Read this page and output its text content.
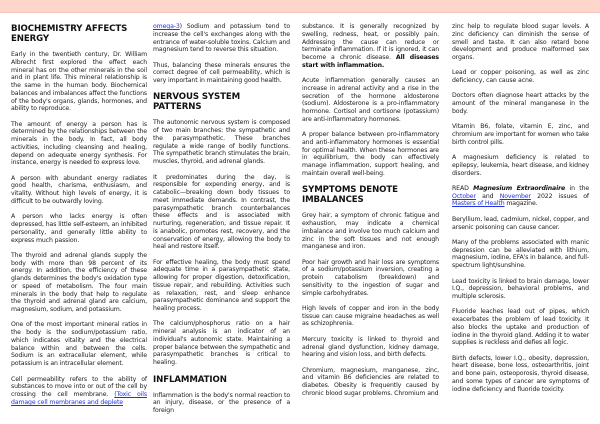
BIOCHEMISTRY AFFECTS ENERGY

Early in the twentieth century, Dr. William Albrecht first explored the effect each mineral has on the other minerals in the soil and in plant life. This mineral relationship is the same in the human body. Biochemical balances and imbalances affect the functions of the body's organs, glands, hormones, and ability to reproduce.

The amount of energy a person has is determined by the relationships between the minerals in the body. In fact, all body activities, including cleansing and healing, depend on adequate energy synthesis. For instance, energy is needed to express love.

A person with abundant energy radiates good health, charisma, enthusiasm, and vitality. Without high levels of energy, it is difficult to be outwardly loving.

A person who lacks energy is often depressed, has little self-esteem, an inhibited personality, and generally little ability to express much passion.

The thyroid and adrenal glands supply the body with more than 98 percent of its energy. In addition, the efficiency of these glands determines the body's oxidation type or speed of metabolism. The four main minerals in the body that help to regulate the thyroid and adrenal gland are calcium, magnesium, sodium, and potassium.

One of the most important mineral ratios in the body is the sodium/potassium ratio, which indicates vitality and the electrical balance within and between the cells. Sodium is an extracellular element, while potassium is an intracellular element.

Cell permeability refers to the ability of substances to move into or out of the cell by crossing the cell membrane. (Toxic oils damage cell membranes and deplete

omega-3) Sodium and potassium tend to increase the cell's exchanges along with the entrance of water-soluble toxins. Calcium and magnesium tend to reverse this situation.

Thus, balancing these minerals ensures the correct degree of cell permeability, which is very important in maintaining good health.

NERVOUS SYSTEM PATTERNS

The autonomic nervous system is composed of two main branches: the sympathetic and the parasympathetic. These branches regulate a wide range of bodily functions. The sympathetic branch stimulates the brain, muscles, thyroid, and adrenal glands.

It predominates during the day, is responsible for expending energy, and is catabolic—breaking down body tissues to meet immediate demands. In contrast, the parasympathetic branch counterbalances these effects and is associated with nurturing, regeneration, and tissue repair. It is anabolic, promotes rest, recovery, and the conservation of energy, allowing the body to heal and restore itself.

For effective healing, the body must spend adequate time in a parasympathetic state, allowing for proper digestion, detoxification, tissue repair, and rebuilding. Activities such as relaxation, rest, and sleep enhance parasympathetic dominance and support the healing process.

The calcium/phosphorus ratio on a hair mineral analysis is an indicator of an individual's autonomic state. Maintaining a proper balance between the sympathetic and parasympathetic branches is critical to healing.

INFLAMMATION

Inflammation is the body's normal reaction to an injury, disease, or the presence of a foreign

substance. It is generally recognized by swelling, redness, heat, or possibly pain. Addressing the cause can reduce or terminate inflammation. If it is ignored, it can become a chronic disease. All diseases start with inflammation.

Acute inflammation generally causes an increase in adrenal activity and a rise in the secretion of the hormone aldosterone (sodium). Aldosterone is a pro-inflammatory hormone. Cortisol and cortisone (potassium) are anti-inflammatory hormones.

A proper balance between pro-inflammatory and anti-inflammatory hormones is essential for optimal health. When these hormones are in equilibrium, the body can effectively manage inflammation, support healing, and maintain overall well-being.

SYMPTOMS DENOTE IMBALANCES

Grey hair, a symptom of chronic fatigue and exhaustion, may indicate a chemical imbalance and involve too much calcium and zinc in the soft tissues and not enough manganese and iron.

Poor hair growth and hair loss are symptoms of a sodium/potassium inversion, creating a protein catabolism (breakdown) and sensitivity to the ingestion of sugar and simple carbohydrates.

High levels of copper and iron in the body tissue can cause migraine headaches as well as schizophrenia.

Mercury toxicity is linked to thyroid and adrenal gland dysfunction, kidney damage, hearing and vision loss, and birth defects.

Chromium, magnesium, manganese, zinc, and vitamin B6 deficiencies are related to diabetes. Obesity is frequently caused by chronic blood sugar problems. Chromium and

zinc help to regulate blood sugar levels. A zinc deficiency can diminish the sense of smell and taste. It can also retard bone development and produce malformed sex organs.

Lead or copper poisoning, as well as zinc deficiency, can cause acne.

Doctors often diagnose heart attacks by the amount of the mineral manganese in the body.

Vitamin B6, folate, vitamin E, zinc, and chromium are important for women who take birth control pills.

A magnesium deficiency is related to epilepsy, leukemia, heart disease, and kidney disorders.

READ Magnesium Extraordinaire in the October and November 2022 issues of Masters of Health magazine.

Beryllium, lead, cadmium, nickel, copper, and arsenic poisoning can cause cancer.

Many of the problems associated with manic depression can be alleviated with lithium, magnesium, iodine, EFA's in balance, and full-spectrum light/sunshine.

Lead toxicity is linked to brain damage, lower I.Q., depression, behavioral problems, and multiple sclerosis.

Fluoride leaches lead out of pipes, which exacerbates the problem of lead toxicity. It also blocks the uptake and production of iodine in the thyroid gland. Adding it to water supplies is reckless and defies all logic.

Birth defects, lower I.Q., obesity, depression, heart disease, bone loss, osteoarthritis, joint and bone pain, osteoporosis, thyroid disease, and some types of cancer are symptoms of iodine deficiency and fluoride toxicity.
